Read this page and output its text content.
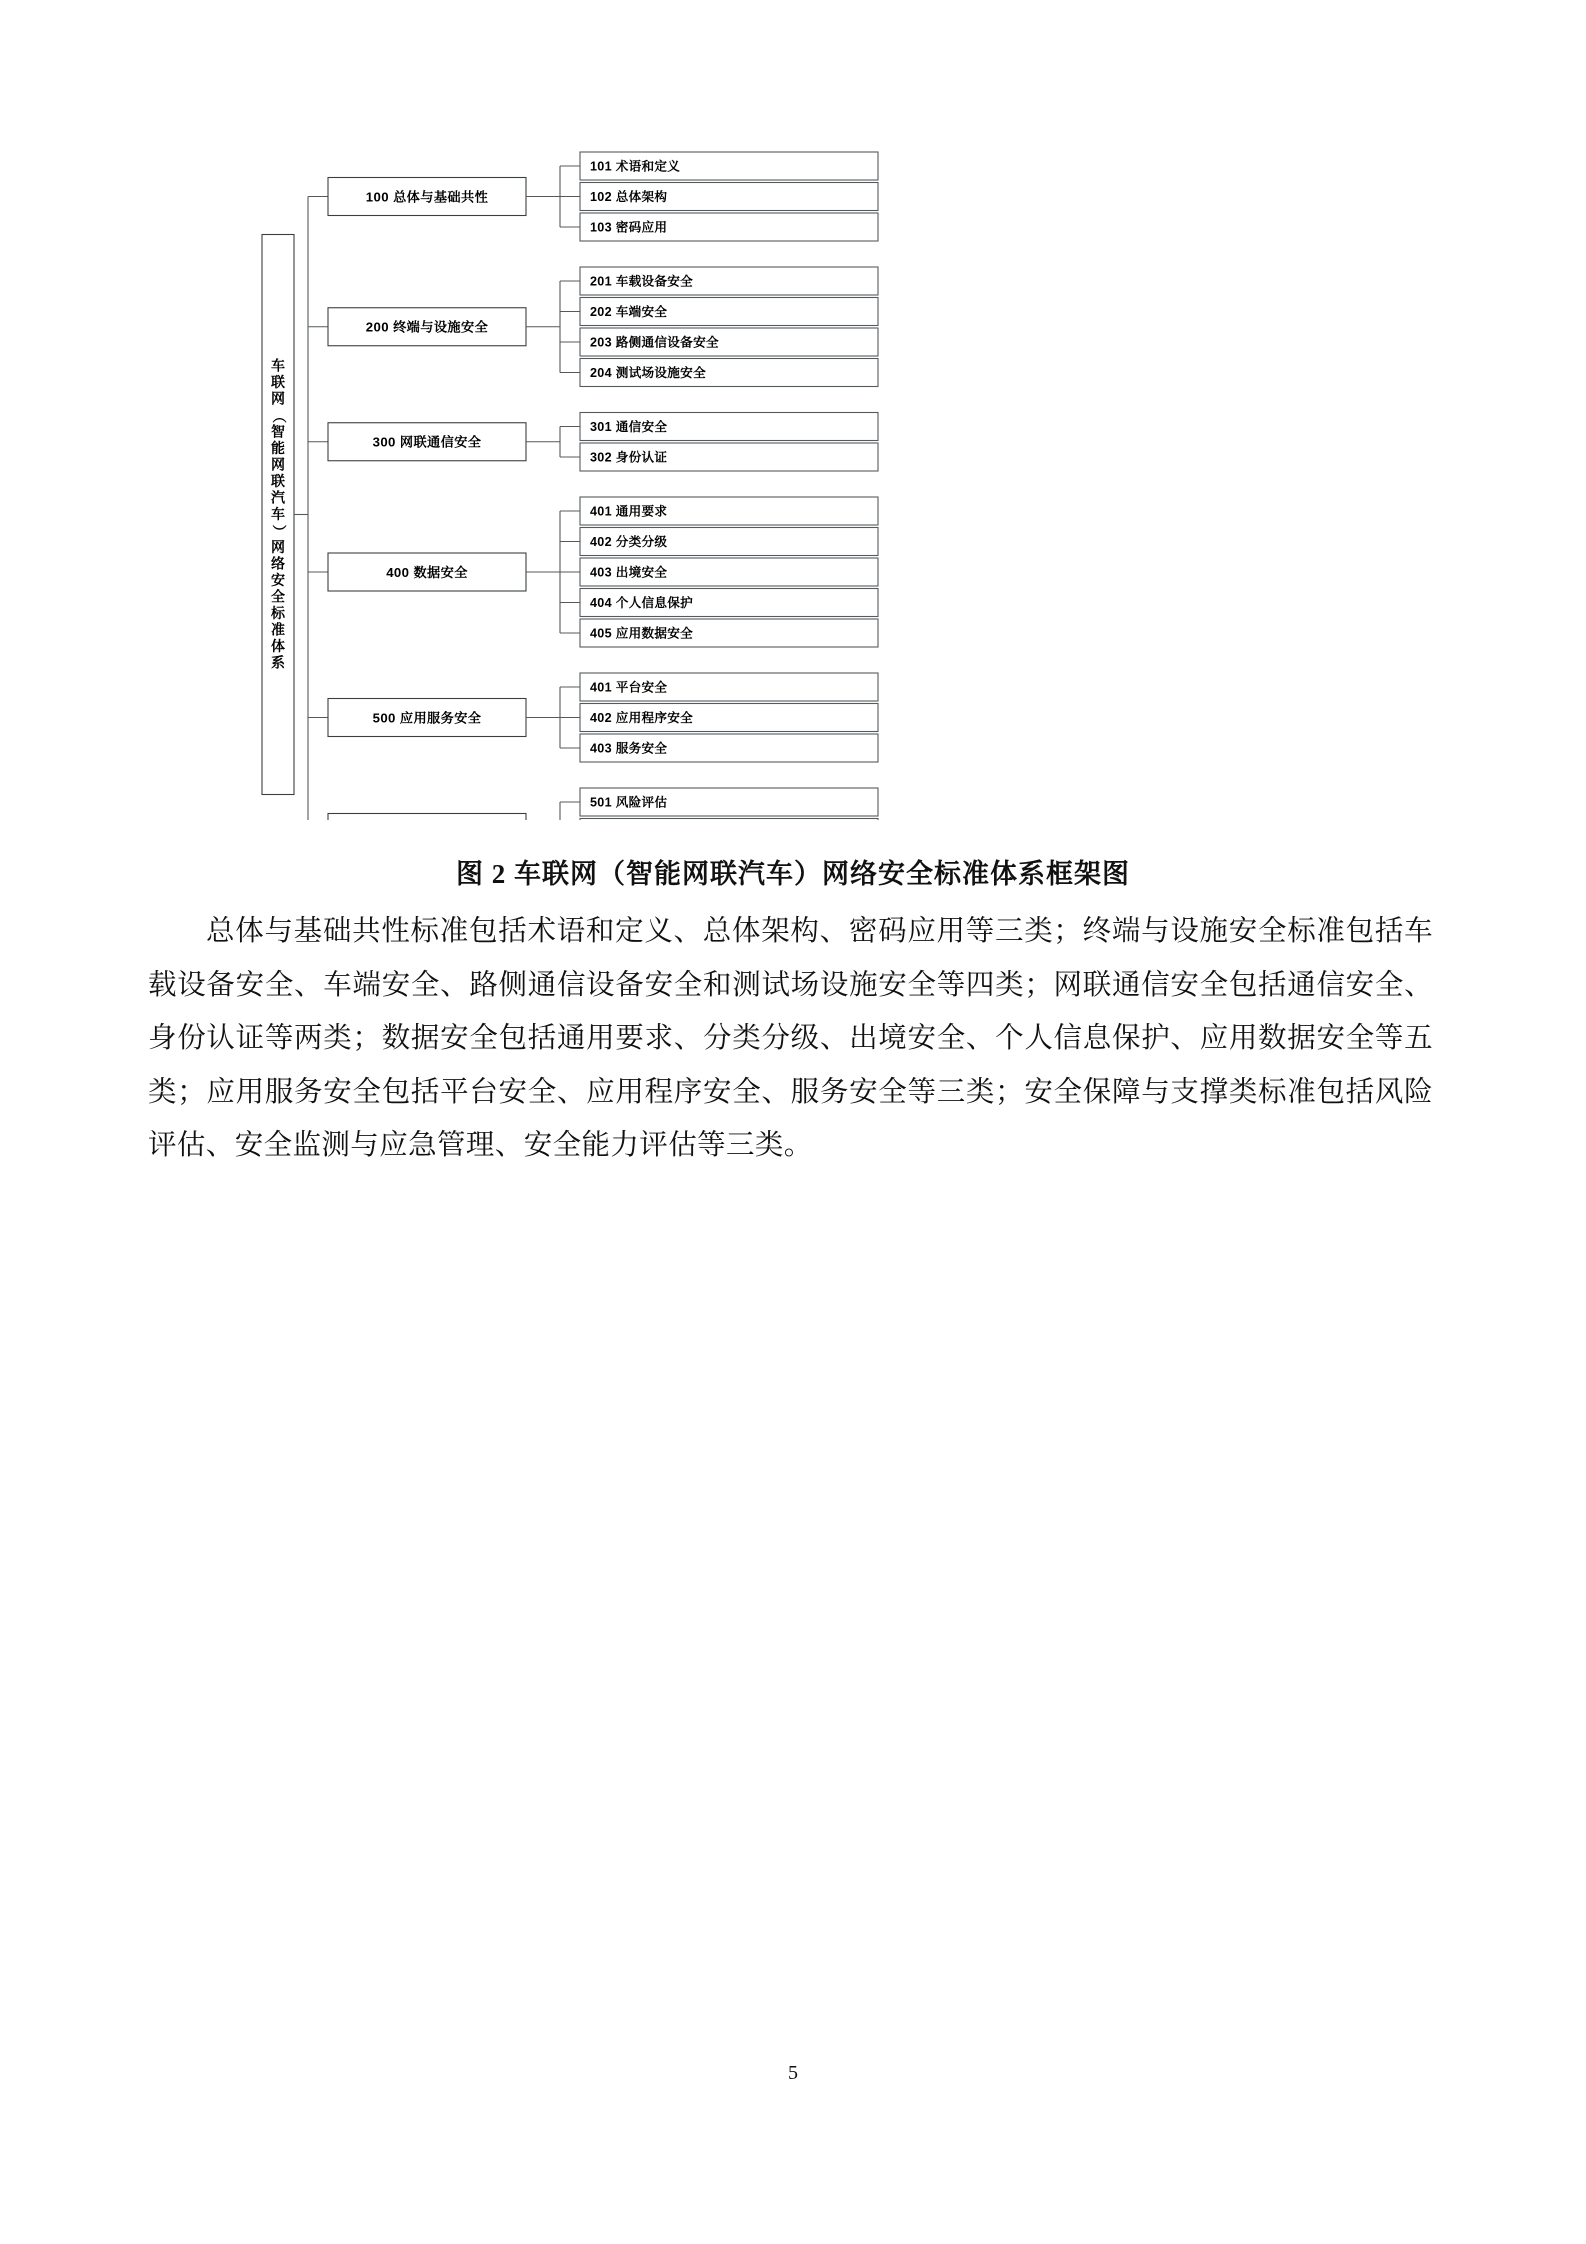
车
联
网
（
智
能
网
联
汽
车
）
网
络
安
全
标
准
体
系
100 总体与基础共性
101 术语和定义
102 总体架构
103 密码应用
200 终端与设施安全
201 车载设备安全
202 车端安全
203 路侧通信设备安全
204 测试场设施安全
300 网联通信安全
301 通信安全
302 身份认证
400 数据安全
401 通用要求
402 分类分级
403 出境安全
404 个人信息保护
405 应用数据安全
500 应用服务安全
401 平台安全
402 应用程序安全
403 服务安全
501 风险评估
图 2 车联网（智能网联汽车）网络安全标准体系框架图
总体与基础共性标准包括术语和定义、总体架构、密码应用等三类；终端与设施安全标准包括车载设备安全、车端安全、路侧通信设备安全和测试场设施安全等四类；网联通信安全包括通信安全、身份认证等两类；数据安全包括通用要求、分类分级、出境安全、个人信息保护、应用数据安全等五类；应用服务安全包括平台安全、应用程序安全、服务安全等三类；安全保障与支撑类标准包括风险评估、安全监测与应急管理、安全能力评估等三类。
5
